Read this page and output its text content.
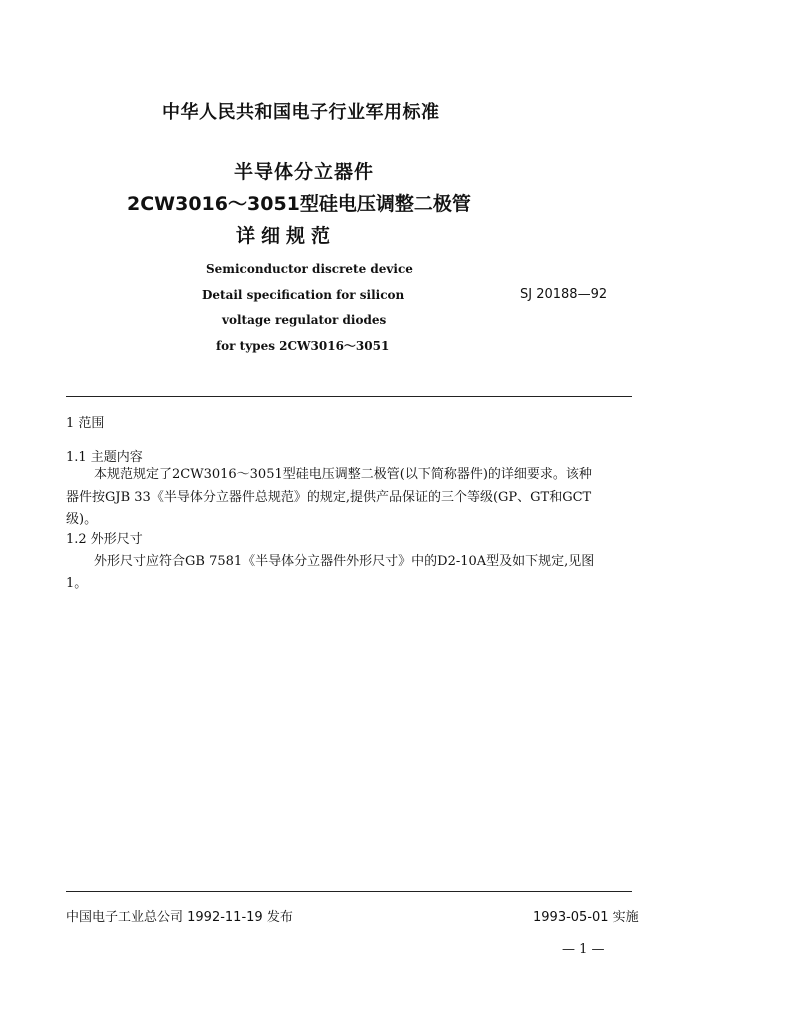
中华人民共和国电子行业军用标准
半导体分立器件
2CW3016～3051型硅电压调整二极管
详细规范
Semiconductor discrete device
Detail specification for silicon
voltage regulator diodes
for types 2CW3016～3051
SJ 20188—92
1 范围
1.1 主题内容
本规范规定了2CW3016～3051型硅电压调整二极管(以下简称器件)的详细要求。该种
器件按GJB 33《半导体分立器件总规范》的规定,提供产品保证的三个等级(GP、GT和GCT
级)。
1.2 外形尺寸
外形尺寸应符合GB 7581《半导体分立器件外形尺寸》中的D2-10A型及如下规定,见图
1。
中国电子工业总公司 1992-11-19 发布	1993-05-01 实施
— 1 —
